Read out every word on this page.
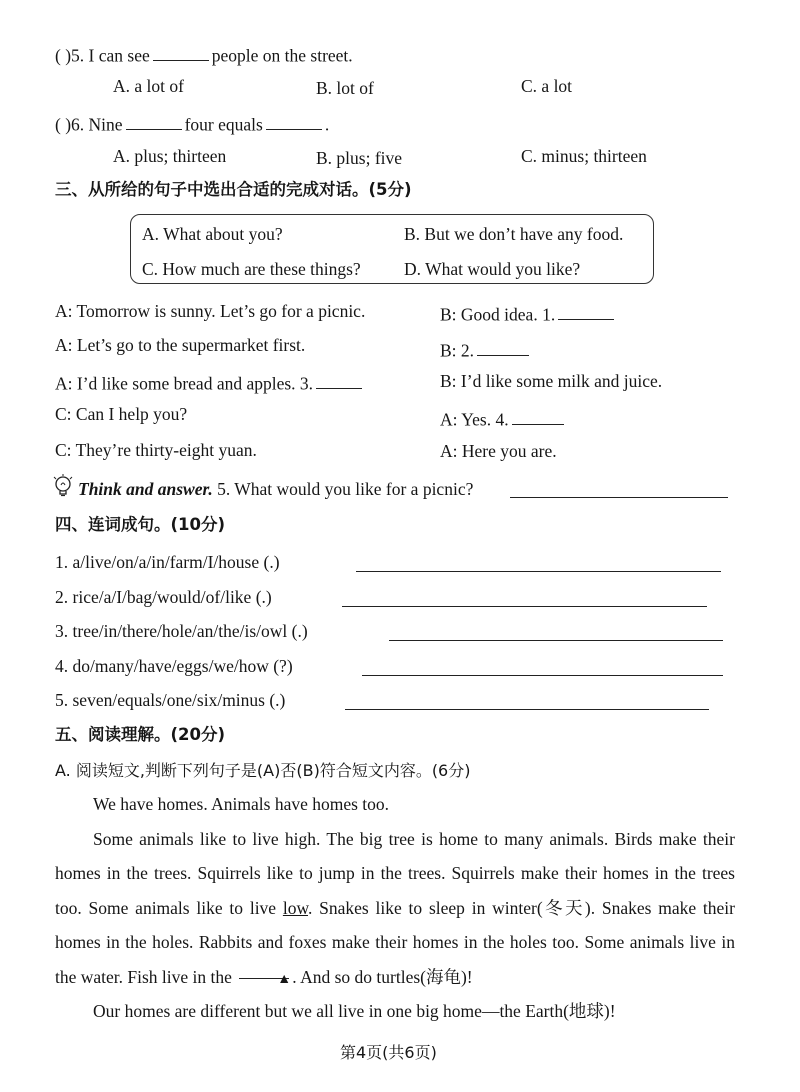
( )5. I can see	people on the street.
A. a lot of	B. lot of	C. a lot
( )6. Nine	four equals	.
A. plus; thirteen	B. plus; five	C. minus; thirteen
三、从所给的句子中选出合适的完成对话。(5分)
A. What about you?	B. But we don’t have any food.
C. How much are these things? D. What would you like?
A: Tomorrow is sunny. Let’s go for a picnic.	B: Good idea. 1.
A: Let’s go to the supermarket first.	B: 2.
A: I’d like some bread and apples. 3.	B: I’d like some milk and juice.
C: Can I help you?	A: Yes. 4.
C: They’re thirty-eight yuan.	A: Here you are.
Think and answer. 5. What would you like for a picnic?
四、连词成句。(10分)
1. a/live/on/a/in/farm/I/house (.)
2. rice/a/I/bag/would/of/like (.)
3. tree/in/there/hole/an/the/is/owl (.)
4. do/many/have/eggs/we/how (?)
5. seven/equals/one/six/minus (.)
五、阅读理解。(20分)
A. 阅读短文,判断下列句子是(A)否(B)符合短文内容。(6分)

We have homes. Animals have homes too.

Some animals like to live high. The big tree is home to many animals. Birds make their homes in the trees. Squirrels like to jump in the trees. Squirrels make their homes in the trees too. Some animals like to live low. Snakes like to sleep in winter(冬天). Snakes make their homes in the holes. Rabbits and foxes make their homes in the holes too. Some animals live in the water. Fish live in the	▲. And so do turtles(海龟)!

Our homes are different but we all live in one big home—the Earth(地球)!

第4页(共6页)
